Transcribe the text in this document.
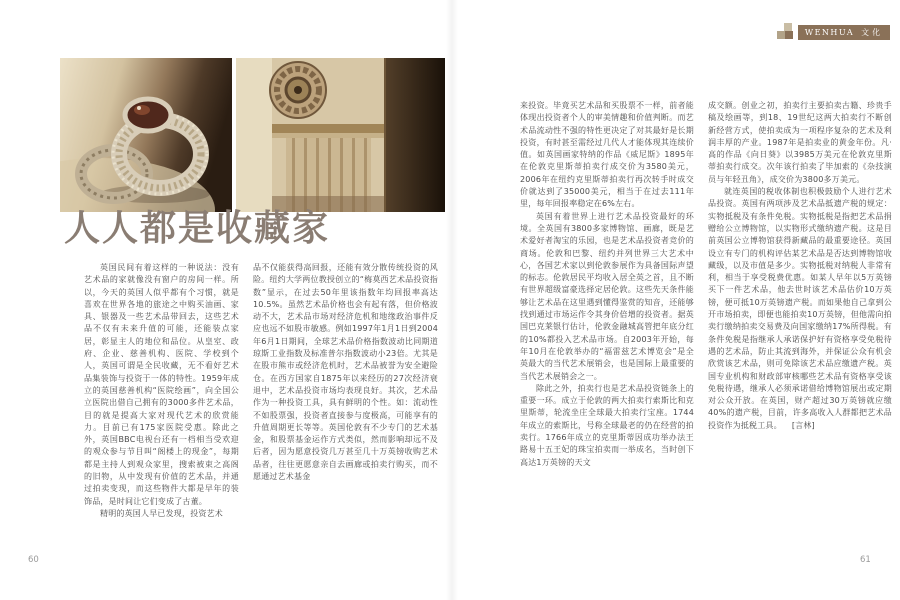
WENHUA 文化
人人都是收藏家

英国民间有着这样的一种说法：没有艺术品的家就像没有窗户的房间一样。所以，今天的英国人似乎都有个习惯，就是喜欢在世界各地的旅途之中购买油画、家具、银器及一些艺术品带回去，这些艺术品不仅有未来升值的可能，还能装点家居，彰显主人的地位和品位。从皇室、政府、企业、慈善机构、医院、学校到个人，英国可谓是全民收藏，无不看好艺术品集装饰与投资于一体的特性。1959年成立的英国慈善机构“医院绘画”，向全国公立医院出借自己拥有的3000多件艺术品，目的就是提高大家对现代艺术的欣赏能力。目前已有175家医院受惠。除此之外，英国BBC电视台还有一档相当受欢迎的观众参与节目叫“阁楼上的现金”，每期都是主持人到观众家里，搜索被束之高阁的旧物，从中发现有价值的艺术品，并通过拍卖变现，而这些物件大都是早年的装饰品，是时间让它们变成了古董。

精明的英国人早已发现，投资艺术

品不仅能获得高回报，还能有效分散传统投资的风险。纽约大学两位教授创立的“梅莫西艺术品投资指数”显示，在过去50年里该指数年均回报率高达10.5%。虽然艺术品价格也会有起有落，但价格波动不大，艺术品市场对经济危机和地缘政治事件反应也远不如股市敏感。例如1997年1月1日到2004年6月1日期间，全球艺术品价格指数波动比同期道琼斯工业指数及标准普尔指数波动小23倍。尤其是在股市熊市或经济危机时，艺术品被誉为安全避险仓。在西方国家自1875年以来经历的27次经济衰退中，艺术品投资市场均表现良好。其次，艺术品作为一种投资工具，具有鲜明的个性。如：流动性不如股票强，投资者直接参与度极高，可能享有的升值周期更长等等。英国伦敦有不少专门的艺术基金，和股票基金运作方式类似，然而影响却远不及后者，因为愿意投资几万甚至几十万英镑收购艺术品者，往往更愿意亲自去画廊或拍卖行购买，而不愿通过艺术基金

来投资。毕竟买艺术品和买股票不一样，前者能体现出投资者个人的审美情趣和价值判断。而艺术品流动性不强的特性更决定了对其最好是长期投资，有时甚至需经过几代人才能体现其连续价值。如英国画家特纳的作品《威尼斯》1895年在伦敦克里斯蒂拍卖行成交价为3580美元，2006年在纽约克里斯蒂拍卖行再次转手时成交价就达到了35000美元，相当于在过去111年里，每年回报率稳定在6%左右。

英国有着世界上进行艺术品投资最好的环境。全英国有3800多家博物馆、画廊，既是艺术爱好者淘宝的乐园，也是艺术品投资者竞价的商场。伦敦和巴黎、纽约并列世界三大艺术中心，各国艺术家以到伦敦参展作为具备国际声望的标志。伦敦居民平均收入居全英之首，且不断有世界超级富豪选择定居伦敦。这些先天条件能够让艺术品在这里遇到懂得鉴赏的知音，还能够找到通过市场运作令其身价倍增的投资者。据英国巴克莱银行估计，伦敦金融城高管把年底分红的10%都投入艺术品市场。自2003年开始，每年10月在伦敦举办的“福雷兹艺术博览会”是全英最大的当代艺术展销会，也是国际上最重要的当代艺术展销会之一。

除此之外，拍卖行也是艺术品投资链条上的重要一环。成立于伦敦的两大拍卖行索斯比和克里斯蒂，轮流坐庄全球最大拍卖行宝座。1744年成立的索斯比，号称全球最老的仍在经营的拍卖行。1766年成立的克里斯蒂因成功举办法王路易十五王妃的珠宝拍卖而一举成名，当时创下高达1万英镑的天文

成交额。创业之初，拍卖行主要拍卖古籍、珍贵手稿及绘画等，到18、19世纪这两大拍卖行不断创新经营方式，使拍卖成为一项程序复杂的艺术及利润丰厚的产业。1987年是拍卖业的黄金年份。凡·高的作品《向日葵》以3985万美元在伦敦克里斯蒂拍卖行成交。次年该行拍卖了毕加索的《杂技演员与年轻丑角》，成交价为3800多万美元。

就连英国的税收体制也积极鼓励个人进行艺术品投资。英国有两项涉及艺术品抵遗产税的规定：实物抵税及有条件免税。实物抵税是指把艺术品捐赠给公立博物馆，以实物形式缴纳遗产税。这是目前英国公立博物馆获得新藏品的最重要途径。英国设立有专门的机构评估某艺术品是否达到博物馆收藏级，以及市值是多少。实物抵税对纳税人非常有利，相当于享受税费优惠。如某人早年以5万英镑买下一件艺术品，他去世时该艺术品估价10万英镑，便可抵10万英镑遗产税。而如果他自己拿到公开市场拍卖，即便也能拍卖10万英镑，但他需向拍卖行缴纳拍卖交易费及向国家缴纳17%所得税。有条件免税是指继承人承诺保护好有资格享受免税待遇的艺术品，防止其流到海外，并保证公众有机会欣赏该艺术品，则可免除该艺术品应缴遗产税。英国专业机构和财政部审核哪些艺术品有资格享受该免税待遇，继承人必须承诺借给博物馆展出或定期对公众开放。在英国，财产超过30万英镑就应缴40%的遗产税，目前，许多高收入人群都把艺术品投资作为抵税工具。 [言林]

60	61
